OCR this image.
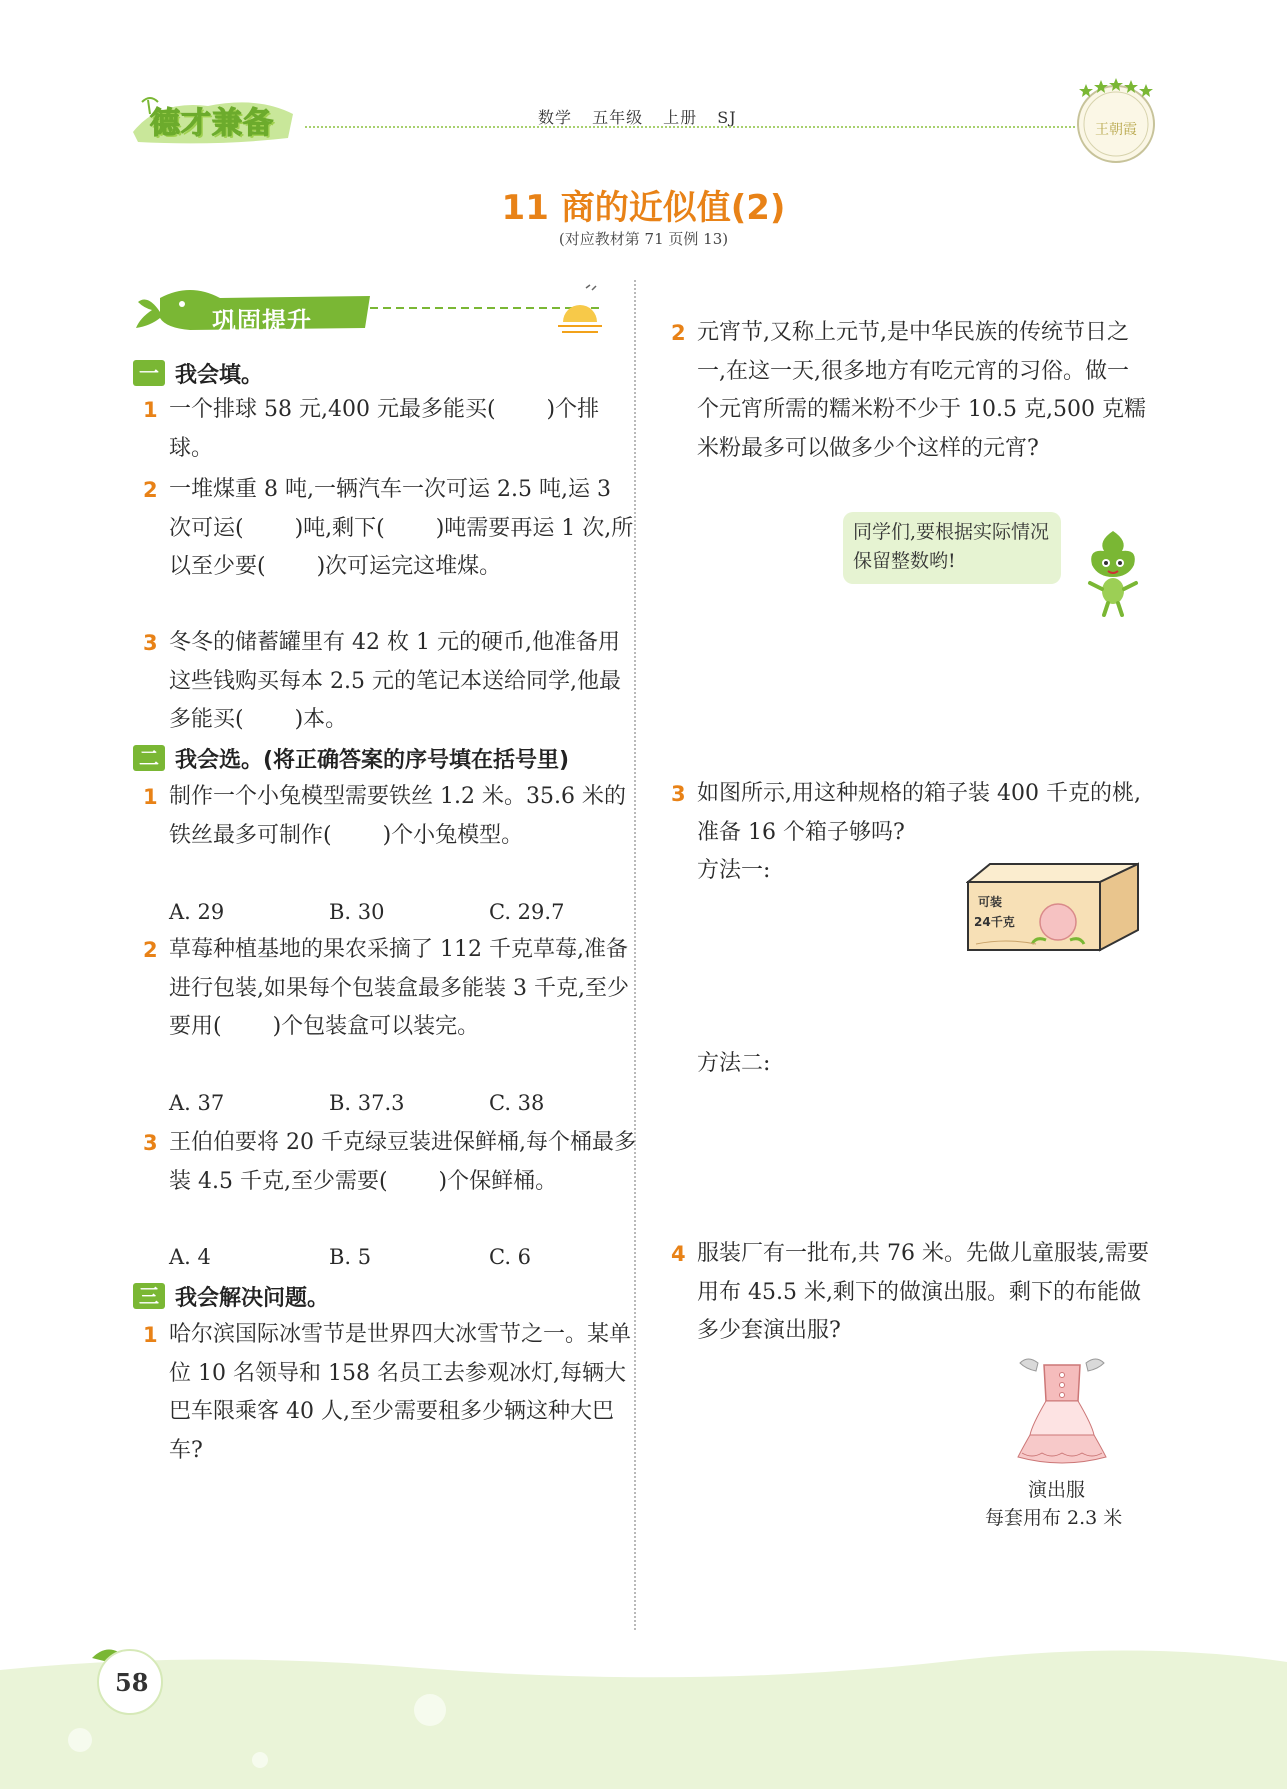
德才兼备	数学 五年级 上册 SJ
王朝霞
11 商的近似值(2)
(对应教材第 71 页例 13)
巩固提升
一 我会填。
1 一个排球 58 元,400 元最多能买(　　 )个排球。
2 一堆煤重 8 吨,一辆汽车一次可运 2.5 吨,运 3 次可运(　　 )吨,剩下(　　 )吨需要再运 1 次,所以至少要(　　 )次可运完这堆煤。
3 冬冬的储蓄罐里有 42 枚 1 元的硬币,他准备用这些钱购买每本 2.5 元的笔记本送给同学,他最多能买(　　 )本。
二 我会选。(将正确答案的序号填在括号里)
1 制作一个小兔模型需要铁丝 1.2 米。35.6 米的铁丝最多可制作(　　 )个小兔模型。
A. 29	B. 30	C. 29.7
2 草莓种植基地的果农采摘了 112 千克草莓,准备进行包装,如果每个包装盒最多能装 3 千克,至少要用(　　 )个包装盒可以装完。
A. 37	B. 37.3	C. 38
3 王伯伯要将 20 千克绿豆装进保鲜桶,每个桶最多装 4.5 千克,至少需要(　　 )个保鲜桶。
A. 4	B. 5	C. 6
三 我会解决问题。
1 哈尔滨国际冰雪节是世界四大冰雪节之一。某单位 10 名领导和 158 名员工去参观冰灯,每辆大巴车限乘客 40 人,至少需要租多少辆这种大巴车?
2 元宵节,又称上元节,是中华民族的传统节日之一,在这一天,很多地方有吃元宵的习俗。做一个元宵所需的糯米粉不少于 10.5 克,500 克糯米粉最多可以做多少个这样的元宵?
同学们,要根据实际情况保留整数哟!
3 如图所示,用这种规格的箱子装 400 千克的桃,准备 16 个箱子够吗?
方法一:
可装
24千克
方法二:
4 服装厂有一批布,共 76 米。先做儿童服装,需要用布 45.5 米,剩下的做演出服。剩下的布能做多少套演出服?
演出服
每套用布 2.3 米
58
